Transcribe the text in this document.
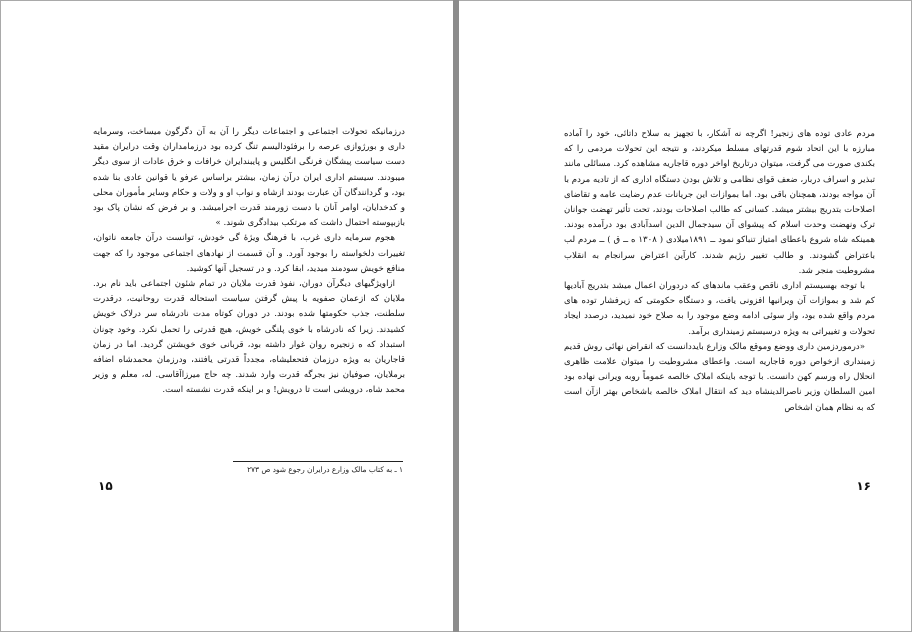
درزمانیکه تحولات اجتماعی و اجتماعات دیگر را آن به آن دگرگون میساخت، وسرمایه داری و بورژوازی عرصه را برفئودالیسم تنگ کرده بود درزمامداران وقت درایران مقید دست سیاست پیشگان فرنگی انگلیس و پایبندایران خرافات و خرق عادات از سوی دیگر میبودند. سیستم اداری ایران درآن زمان، بیشتر براساس عرفو یا قوانین عادی بنا شده بود، و گردانندگان آن عبارت بودند ازشاه و نواب او و ولات و حکام وسایر مأموران محلی و کدخدایان، اوامر آنان با دست زورمند قدرت اجرامیشد. و بر فرض که نشان پاک بود بازبپوسته احتمال داشت که مرتکب بیدادگری شوند. »

هجوم سرمایه داری غرب، با فرهنگ ویژۀ گی خودش، توانست درآن جامعه ناتوان، تغییرات دلخواسته را بوجود آورد. و آن قسمت از نهادهای اجتماعی موجود را که جهت منافع خویش سودمند میدید، ابقا کرد. و در تسجیل آنها کوشید.

ازاویژگیهای دیگرآن دوران، نفوذ قدرت ملایان در تمام شئون اجتماعی باید نام برد. ملایان که ازعمان صفویه با پیش گرفتن سیاست استحاله قدرت روحانیت، درقدرت سلطنت، جذب حکومتها شده بودند. در دوران کوتاه مدت نادرشاه سر درلاک خویش کشیدند. زیرا که نادرشاه با خوی پلنگی خویش، هیچ قدرتی را تحمل نکرد. وخود چونان استبداد که ه زنجیره روان غوار داشته بود، قربانی خوی خویشتن گردید. اما در زمان قاجاریان به ویژه درزمان فتحعلیشاه، مجدداً قدرتی یافتند، ودرزمان محمدشاه اضافه برملایان، صوفیان نیز بجرگه قدرت وارد شدند. چه حاج میرزاآقاسی. له، معلم و وزیر محمد شاه، درویشی است تا درویش! و بر اینکه قدرت نشسته است.

۱ ـ به کتاب مالک وزارع درایران رجوع شود ص ۲۷۳
۱۵

مردم عادی توده های زنجیر! اگرچه نه آشکار، با تجهیز به سلاح داتائی، خود را آماده مبارزه با این اتحاد شوم قدرتهای مسلط میکردند، و نتیجه این تحولات مردمی را که بکندی صورت می گرفت، میتوان درتاریخ اواخر دوره قاجاریه مشاهده کرد. مسائلی مانند تبذیر و اسراف دربار، ضعف قوای نظامی و تلاش بودن دستگاه اداری که از تادیه مردم با آن مواجه بودند، همچنان باقی بود. اما بموازات این جریانات عدم رضایت عامه و تقاضای اصلاحات بتدریج بیشتر میشد. کسانی که طالب اصلاحات بودند، تحت تأثیر تهضت جوانان ترک ونهضت وحدت اسلام که پیشوای آن سیدجمال الدین اسدآبادی بود درآمده بودند. همینکه شاه شروع باعطای امتیاز تنباکو نمود ــ ۱۸۹۱میلادی ( ۱۳۰۸ ه ــ ق ) ــ مردم لب باعتراض گشودند. و طالب تغییر رژیم شدند. کارآین اعتراض سرانجام به انقلاب مشروطیت منجر شد.

با توجه بهسیستم اداری ناقص وعقب ماندهای که دردوران اعمال میشد بتدریج آبادیها کم شد و بموازات آن ویرانیها افزونی یافت، و دستگاه حکومتی که زیرفشار توده های مردم واقع شده بود، واز سوئی ادامه وضع موجود را به صلاح خود نمیدید، درصدد ایجاد تحولات و تغییراتی به ویژه درسیستم زمینداری برآمد.

«درموردزمین داری ووضع وموقع مالک وزارع بایددانست که انقراض نهائی روش قدیم زمینداری ازخواص دوره قاجاریه است. واعطای مشروطیت را میتوان علامت ظاهری انحلال راه ورسم کهن دانست. با توجه باینکه املاک خالصه عموماً روبه ویرانی نهاده بود امین السلطان وزیر ناصرالدینشاه دید که انتقال املاک خالصه باشخاص بهتر ازآن است که به نظام همان اشخاص

۱۶
